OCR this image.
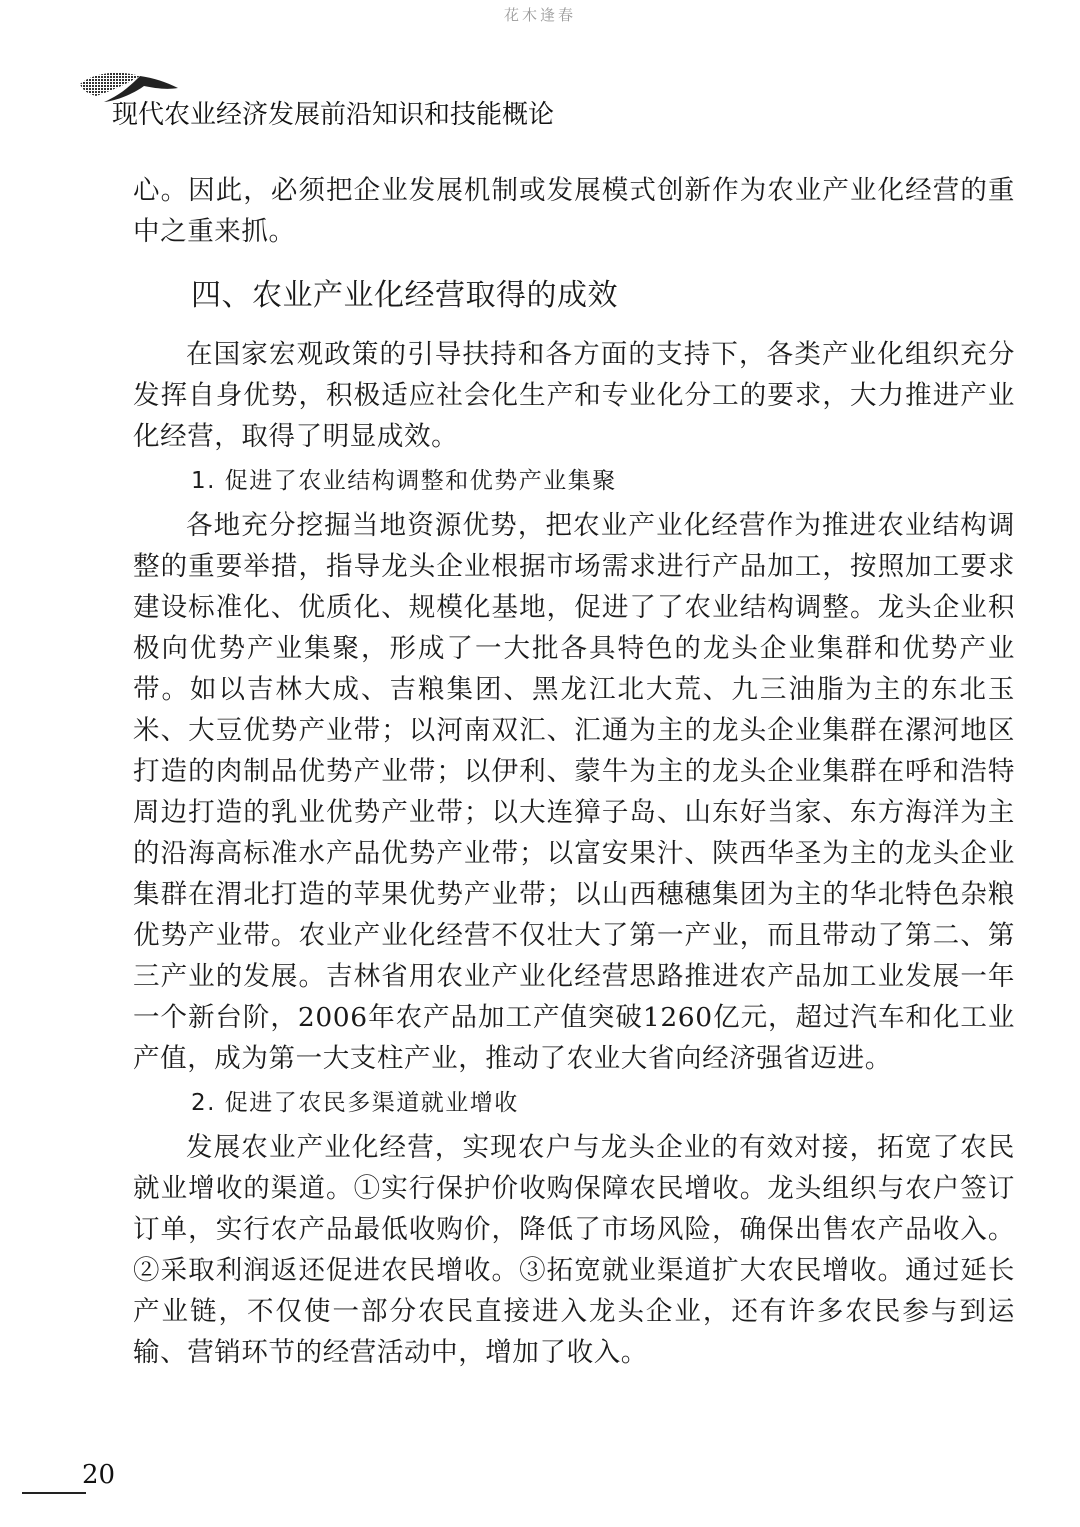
花木逢春
现代农业经济发展前沿知识和技能概论

心。因此，必须把企业发展机制或发展模式创新作为农业产业化经营的重中之重来抓。

四、农业产业化经营取得的成效

在国家宏观政策的引导扶持和各方面的支持下，各类产业化组织充分发挥自身优势，积极适应社会化生产和专业化分工的要求，大力推进产业化经营，取得了明显成效。

1. 促进了农业结构调整和优势产业集聚

各地充分挖掘当地资源优势，把农业产业化经营作为推进农业结构调整的重要举措，指导龙头企业根据市场需求进行产品加工，按照加工要求建设标准化、优质化、规模化基地，促进了了农业结构调整。龙头企业积极向优势产业集聚，形成了一大批各具特色的龙头企业集群和优势产业带。如以吉林大成、吉粮集团、黑龙江北大荒、九三油脂为主的东北玉米、大豆优势产业带；以河南双汇、汇通为主的龙头企业集群在漯河地区打造的肉制品优势产业带；以伊利、蒙牛为主的龙头企业集群在呼和浩特周边打造的乳业优势产业带；以大连獐子岛、山东好当家、东方海洋为主的沿海高标准水产品优势产业带；以富安果汁、陕西华圣为主的龙头企业集群在渭北打造的苹果优势产业带；以山西穗穗集团为主的华北特色杂粮优势产业带。农业产业化经营不仅壮大了第一产业，而且带动了第二、第三产业的发展。吉林省用农业产业化经营思路推进农产品加工业发展一年一个新台阶，2006年农产品加工产值突破1260亿元，超过汽车和化工业产值，成为第一大支柱产业，推动了农业大省向经济强省迈进。

2. 促进了农民多渠道就业增收

发展农业产业化经营，实现农户与龙头企业的有效对接，拓宽了农民就业增收的渠道。①实行保护价收购保障农民增收。龙头组织与农户签订订单，实行农产品最低收购价，降低了市场风险，确保出售农产品收入。②采取利润返还促进农民增收。③拓宽就业渠道扩大农民增收。通过延长产业链，不仅使一部分农民直接进入龙头企业，还有许多农民参与到运输、营销环节的经营活动中，增加了收入。

20
